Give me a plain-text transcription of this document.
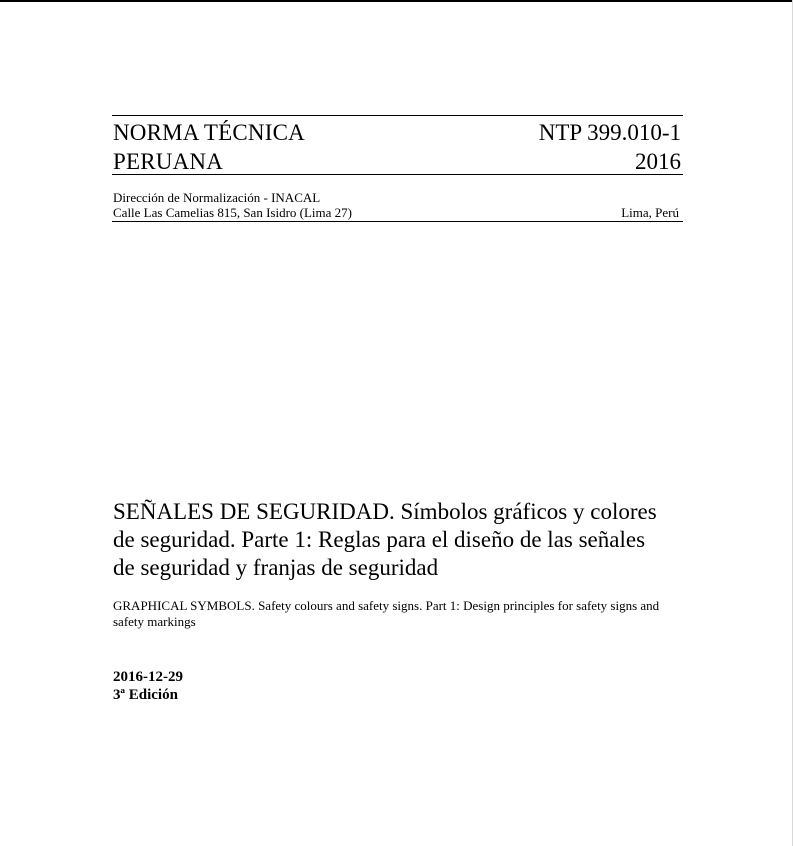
NORMA TÉCNICA
PERUANA
NTP 399.010-1
2016
Dirección de Normalización - INACAL
Calle Las Camelias 815, San Isidro (Lima 27)	Lima, Perú
SEÑALES DE SEGURIDAD. Símbolos gráficos y colores
de seguridad. Parte 1: Reglas para el diseño de las señales
de seguridad y franjas de seguridad
GRAPHICAL SYMBOLS. Safety colours and safety signs. Part 1: Design principles for safety signs and
safety markings
2016-12-29
3ª Edición
